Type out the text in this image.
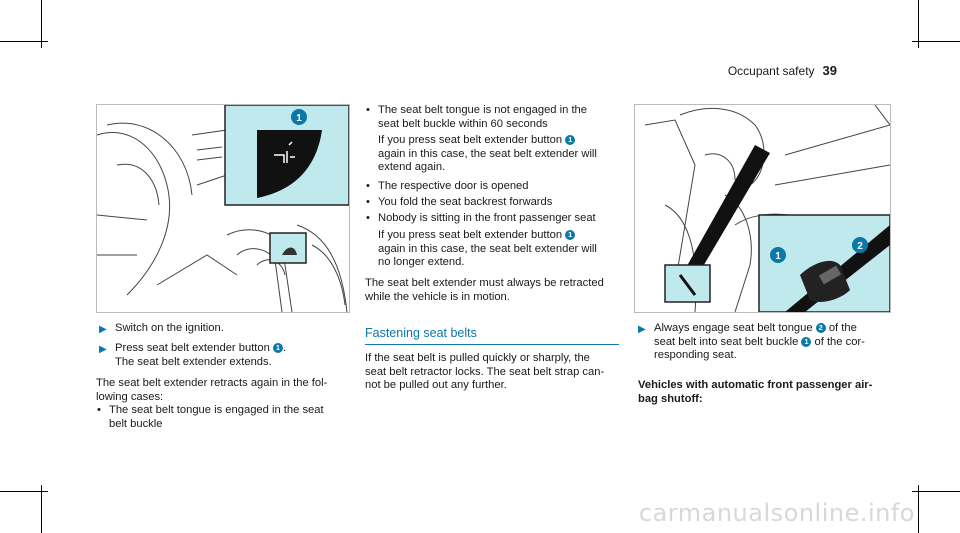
Occupant safety 39
1
1
2
▶ Switch on the ignition.
▶ Press seat belt extender button 1 .
The seat belt extender extends.
The seat belt extender retracts again in the fol-
lowing cases:
• The seat belt tongue is engaged in the seat
belt buckle
• The seat belt tongue is not engaged in the
seat belt buckle within 60 seconds
If you press seat belt extender button 1
again in this case, the seat belt extender will
extend again.
• The respective door is opened
• You fold the seat backrest forwards
• Nobody is sitting in the front passenger seat
If you press seat belt extender button 1
again in this case, the seat belt extender will
no longer extend.
The seat belt extender must always be retracted
while the vehicle is in motion.
Fastening seat belts
If the seat belt is pulled quickly or sharply, the
seat belt retractor locks. The seat belt strap can-
not be pulled out any further.
▶ Always engage seat belt tongue 2 of the
seat belt into seat belt buckle 1 of the cor-
responding seat.
Vehicles with automatic front passenger air-
bag shutoff:
carmanualsonline.info
